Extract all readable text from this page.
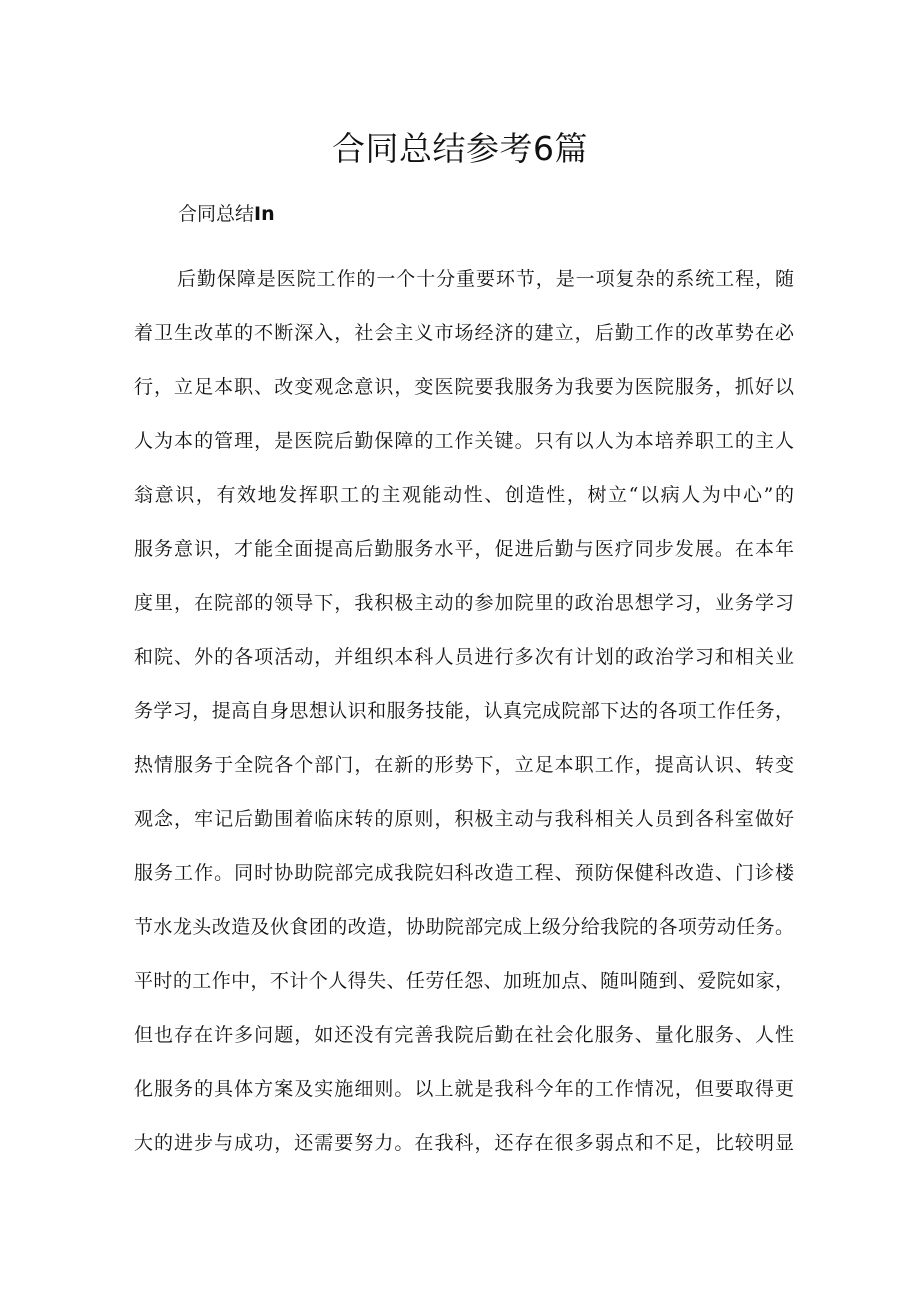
合同总结参考6篇
合同总结In
后勤保障是医院工作的一个十分重要环节，是一项复杂的系统工程，随
着卫生改革的不断深入，社会主义市场经济的建立，后勤工作的改革势在必
行，立足本职、改变观念意识，变医院要我服务为我要为医院服务，抓好以
人为本的管理，是医院后勤保障的工作关键。只有以人为本培养职工的主人
翁意识，有效地发挥职工的主观能动性、创造性，树立“以病人为中心”的
服务意识，才能全面提高后勤服务水平，促进后勤与医疗同步发展。在本年
度里，在院部的领导下，我积极主动的参加院里的政治思想学习，业务学习
和院、外的各项活动，并组织本科人员进行多次有计划的政治学习和相关业
务学习，提高自身思想认识和服务技能，认真完成院部下达的各项工作任务，
热情服务于全院各个部门，在新的形势下，立足本职工作，提高认识、转变
观念，牢记后勤围着临床转的原则，积极主动与我科相关人员到各科室做好
服务工作。同时协助院部完成我院妇科改造工程、预防保健科改造、门诊楼
节水龙头改造及伙食团的改造，协助院部完成上级分给我院的各项劳动任务。
平时的工作中，不计个人得失、任劳任怨、加班加点、随叫随到、爱院如家，
但也存在许多问题，如还没有完善我院后勤在社会化服务、量化服务、人性
化服务的具体方案及实施细则。以上就是我科今年的工作情况，但要取得更
大的进步与成功，还需要努力。在我科，还存在很多弱点和不足，比较明显
